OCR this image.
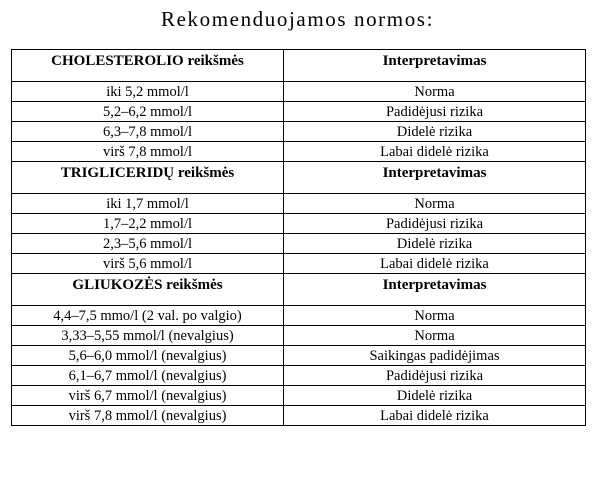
Rekomenduojamos normos:
CHOLESTEROLIO reikšmės	Interpretavimas
iki 5,2 mmol/l	Norma
5,2–6,2 mmol/l	Padidėjusi rizika
6,3–7,8 mmol/l	Didelė rizika
virš 7,8 mmol/l	Labai didelė rizika
TRIGLICERIDŲ reikšmės	Interpretavimas
iki 1,7 mmol/l	Norma
1,7–2,2 mmol/l	Padidėjusi rizika
2,3–5,6 mmol/l	Didelė rizika
virš 5,6 mmol/l	Labai didelė rizika
GLIUKOZĖS reikšmės	Interpretavimas
4,4–7,5 mmo/l (2 val. po valgio)	Norma
3,33–5,55 mmol/l (nevalgius)	Norma
5,6–6,0 mmol/l (nevalgius)	Saikingas padidėjimas
6,1–6,7 mmol/l (nevalgius)	Padidėjusi rizika
virš 6,7 mmol/l (nevalgius)	Didelė rizika
virš 7,8 mmol/l (nevalgius)	Labai didelė rizika
